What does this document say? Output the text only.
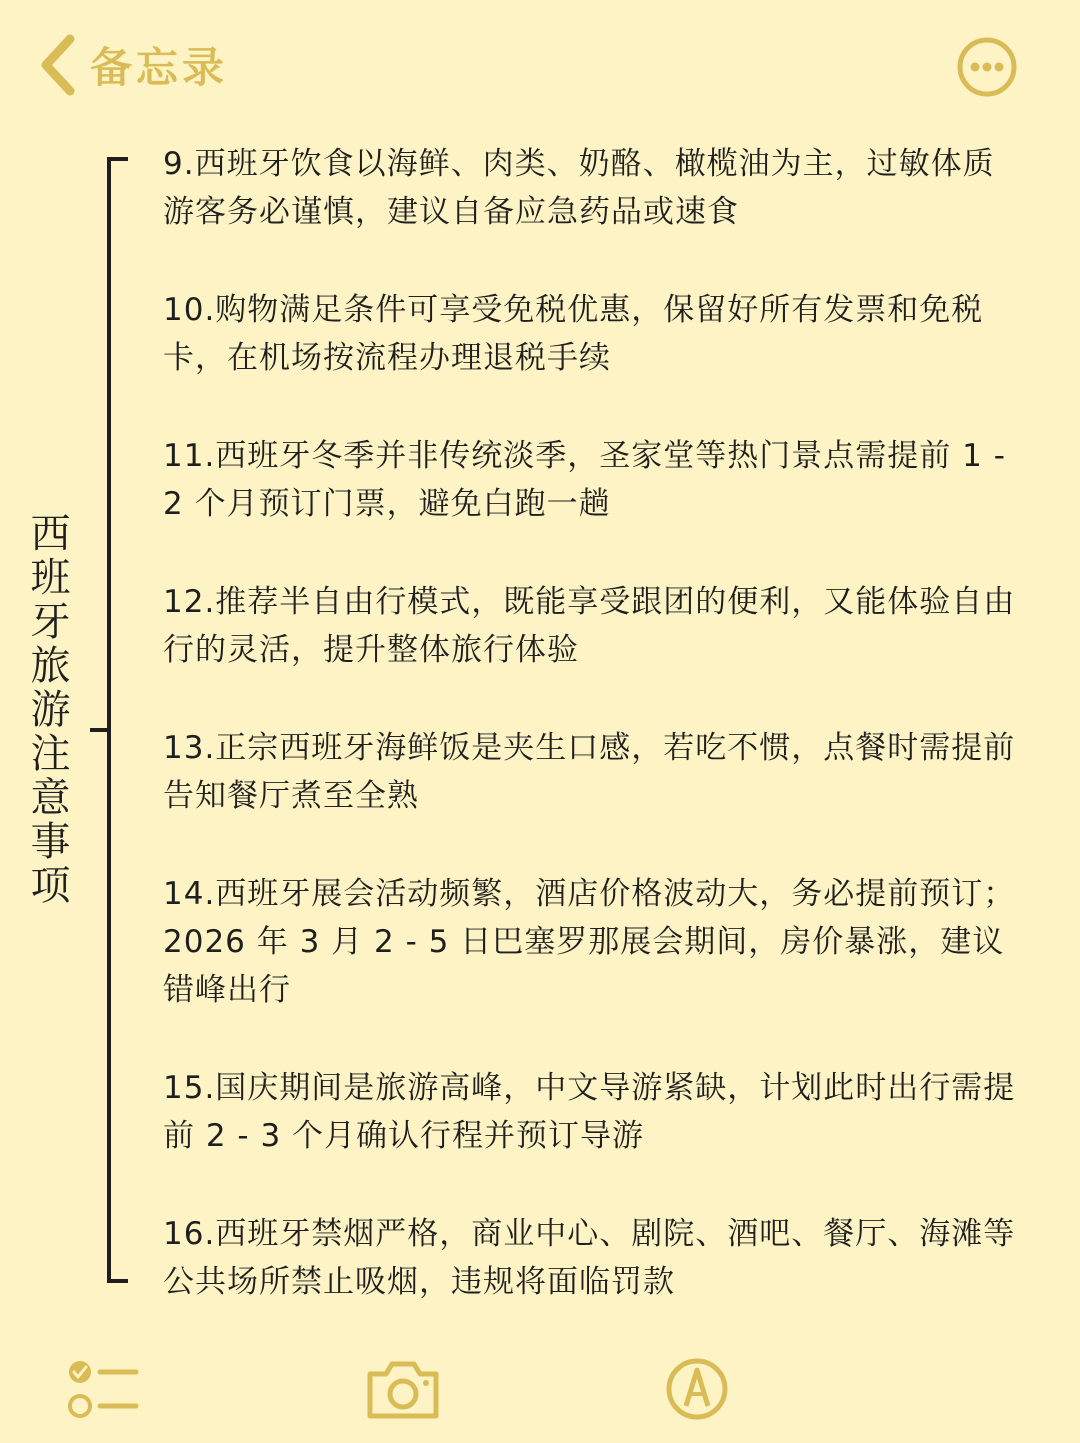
备忘录
西班牙旅游注意事项

9.西班牙饮食以海鲜、肉类、奶酪、橄榄油为主，过敏体质游客务必谨慎，建议自备应急药品或速食

10.购物满足条件可享受免税优惠，保留好所有发票和免税卡，在机场按流程办理退税手续

11.西班牙冬季并非传统淡季，圣家堂等热门景点需提前 1 - 2 个月预订门票，避免白跑一趟

12.推荐半自由行模式，既能享受跟团的便利，又能体验自由行的灵活，提升整体旅行体验

13.正宗西班牙海鲜饭是夹生口感，若吃不惯，点餐时需提前告知餐厅煮至全熟

14.西班牙展会活动频繁，酒店价格波动大，务必提前预订；2026 年 3 月 2 - 5 日巴塞罗那展会期间，房价暴涨，建议错峰出行

15.国庆期间是旅游高峰，中文导游紧缺，计划此时出行需提前 2 - 3 个月确认行程并预订导游

16.西班牙禁烟严格，商业中心、剧院、酒吧、餐厅、海滩等公共场所禁止吸烟，违规将面临罚款
